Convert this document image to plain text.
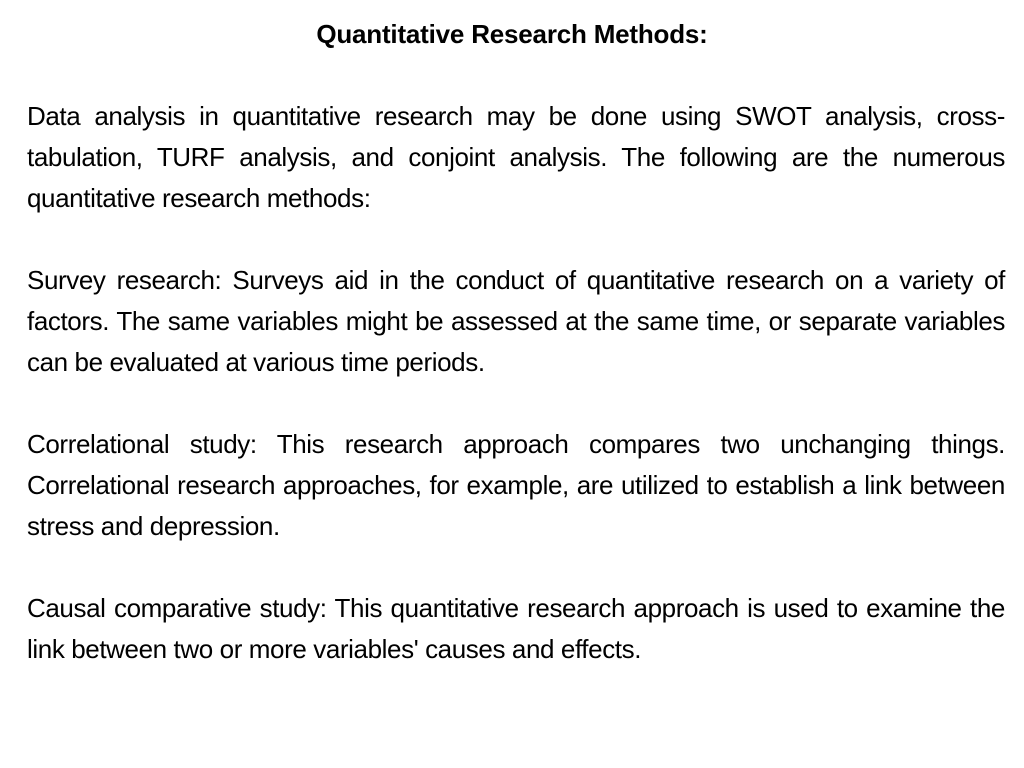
Quantitative Research Methods:

Data analysis in quantitative research may be done using SWOT analysis, cross-tabulation, TURF analysis, and conjoint analysis. The following are the numerous quantitative research methods:

Survey research: Surveys aid in the conduct of quantitative research on a variety of factors. The same variables might be assessed at the same time, or separate variables can be evaluated at various time periods.

Correlational study: This research approach compares two unchanging things. Correlational research approaches, for example, are utilized to establish a link between stress and depression.

Causal comparative study: This quantitative research approach is used to examine the link between two or more variables' causes and effects.
